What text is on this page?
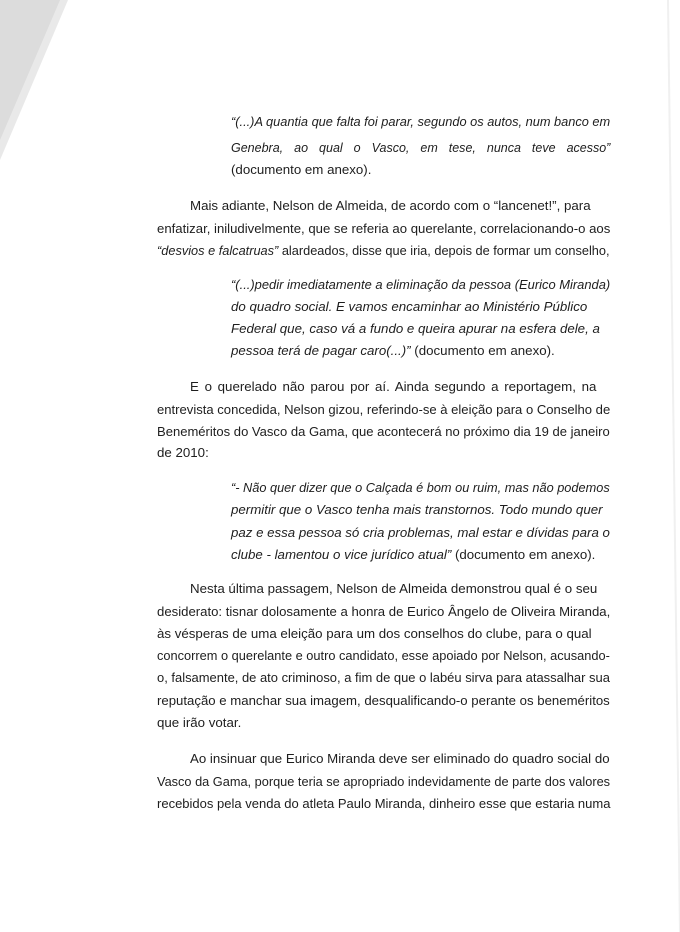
“(...)A quantia que falta foi parar, segundo os autos, num banco em
Genebra, ao qual o Vasco, em tese, nunca teve acesso”
(documento em anexo).
Mais adiante, Nelson de Almeida, de acordo com o “lancenet!”, para
enfatizar, iniludivelmente, que se referia ao querelante, correlacionando-o aos
“desvios e falcatruas” alardeados, disse que iria, depois de formar um conselho,
“(...)pedir imediatamente a eliminação da pessoa (Eurico Miranda)
do quadro social. E vamos encaminhar ao Ministério Público
Federal que, caso vá a fundo e queira apurar na esfera dele, a
pessoa terá de pagar caro(...)” (documento em anexo).
E o querelado não parou por aí. Ainda segundo a reportagem, na
entrevista concedida, Nelson gizou, referindo-se à eleição para o Conselho de
Beneméritos do Vasco da Gama, que acontecerá no próximo dia 19 de janeiro
de 2010:
“- Não quer dizer que o Calçada é bom ou ruim, mas não podemos
permitir que o Vasco tenha mais transtornos. Todo mundo quer
paz e essa pessoa só cria problemas, mal estar e dívidas para o
clube - lamentou o vice jurídico atual” (documento em anexo).
Nesta última passagem, Nelson de Almeida demonstrou qual é o seu
desiderato: tisnar dolosamente a honra de Eurico Ângelo de Oliveira Miranda,
às vésperas de uma eleição para um dos conselhos do clube, para o qual
concorrem o querelante e outro candidato, esse apoiado por Nelson, acusando-
o, falsamente, de ato criminoso, a fim de que o labéu sirva para atassalhar sua
reputação e manchar sua imagem, desqualificando-o perante os beneméritos
que irão votar.
Ao insinuar que Eurico Miranda deve ser eliminado do quadro social do
Vasco da Gama, porque teria se apropriado indevidamente de parte dos valores
recebidos pela venda do atleta Paulo Miranda, dinheiro esse que estaria numa
